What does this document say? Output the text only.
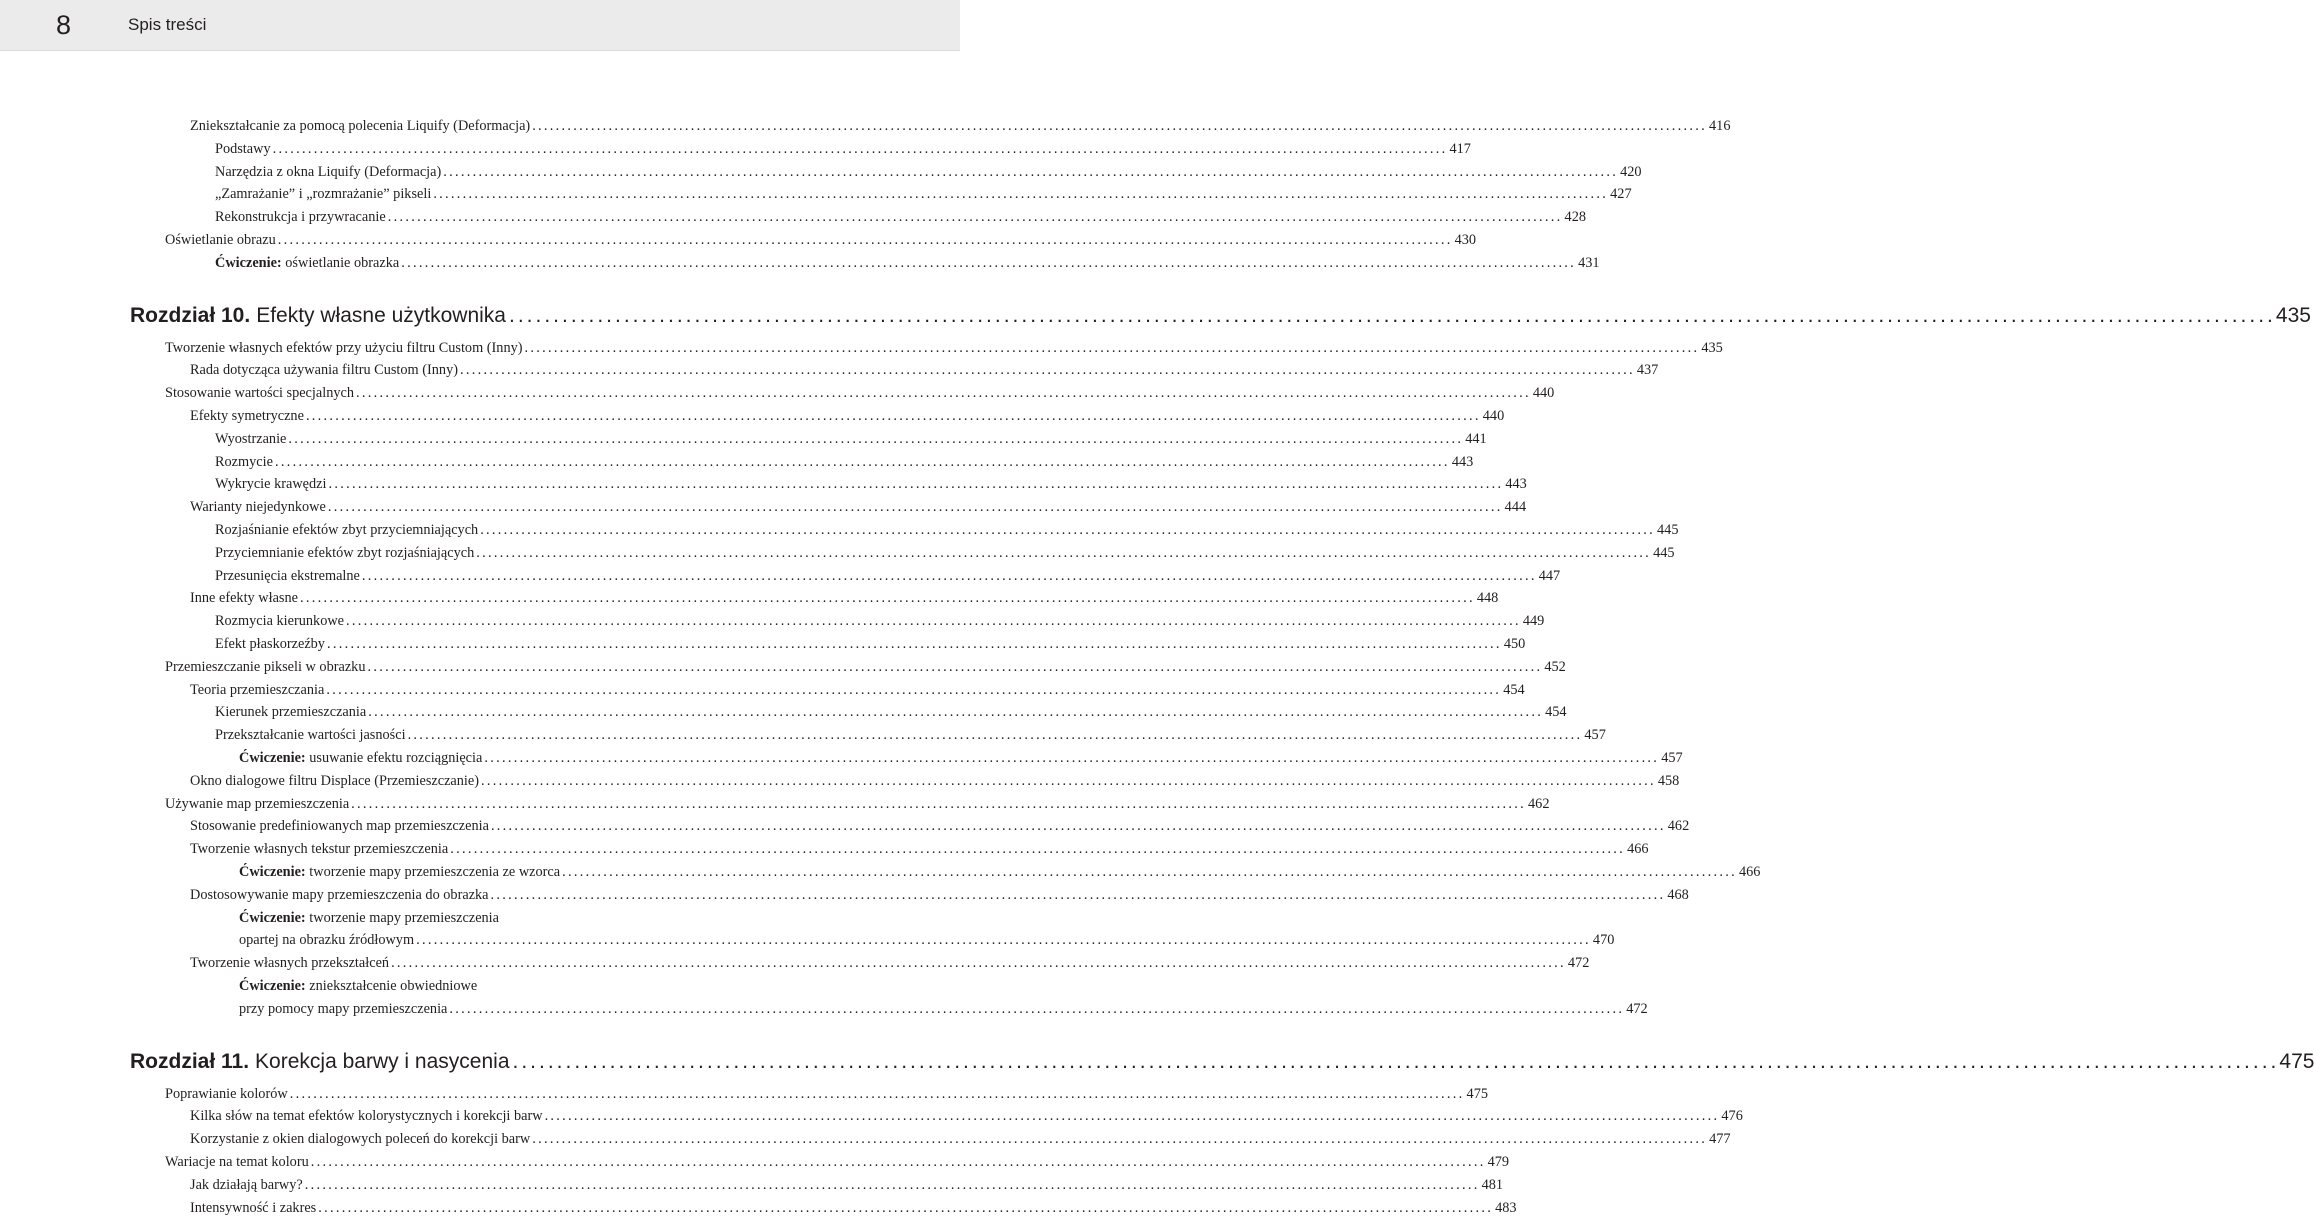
8	Spis treści
Zniekształcanie za pomocą polecenia Liquify (Deformacja) ........................................................................................................................................................................................................ 416
Podstawy ........................................................................................................................................................................................................ 417
Narzędzia z okna Liquify (Deformacja) ........................................................................................................................................................................................................ 420
„Zamrażanie” i „rozmrażanie” pikseli ........................................................................................................................................................................................................ 427
Rekonstrukcja i przywracanie ........................................................................................................................................................................................................ 428
Oświetlanie obrazu ........................................................................................................................................................................................................ 430
Ćwiczenie: oświetlanie obrazka ........................................................................................................................................................................................................ 431
Rozdział 10. Efekty własne użytkownika ........................................................................................................................................................................................................ 435
Tworzenie własnych efektów przy użyciu filtru Custom (Inny) ........................................................................................................................................................................................................ 435
Rada dotycząca używania filtru Custom (Inny) ........................................................................................................................................................................................................ 437
Stosowanie wartości specjalnych ........................................................................................................................................................................................................ 440
Efekty symetryczne ........................................................................................................................................................................................................ 440
Wyostrzanie ........................................................................................................................................................................................................ 441
Rozmycie ........................................................................................................................................................................................................ 443
Wykrycie krawędzi ........................................................................................................................................................................................................ 443
Warianty niejedynkowe ........................................................................................................................................................................................................ 444
Rozjaśnianie efektów zbyt przyciemniających ........................................................................................................................................................................................................ 445
Przyciemnianie efektów zbyt rozjaśniających ........................................................................................................................................................................................................ 445
Przesunięcia ekstremalne ........................................................................................................................................................................................................ 447
Inne efekty własne ........................................................................................................................................................................................................ 448
Rozmycia kierunkowe ........................................................................................................................................................................................................ 449
Efekt płaskorzeźby ........................................................................................................................................................................................................ 450
Przemieszczanie pikseli w obrazku ........................................................................................................................................................................................................ 452
Teoria przemieszczania ........................................................................................................................................................................................................ 454
Kierunek przemieszczania ........................................................................................................................................................................................................ 454
Przekształcanie wartości jasności ........................................................................................................................................................................................................ 457
Ćwiczenie: usuwanie efektu rozciągnięcia ........................................................................................................................................................................................................ 457
Okno dialogowe filtru Displace (Przemieszczanie) ........................................................................................................................................................................................................ 458
Używanie map przemieszczenia ........................................................................................................................................................................................................ 462
Stosowanie predefiniowanych map przemieszczenia ........................................................................................................................................................................................................ 462
Tworzenie własnych tekstur przemieszczenia ........................................................................................................................................................................................................ 466
Ćwiczenie: tworzenie mapy przemieszczenia ze wzorca ........................................................................................................................................................................................................ 466
Dostosowywanie mapy przemieszczenia do obrazka ........................................................................................................................................................................................................ 468
Ćwiczenie: tworzenie mapy przemieszczenia
opartej na obrazku źródłowym ........................................................................................................................................................................................................ 470
Tworzenie własnych przekształceń ........................................................................................................................................................................................................ 472
Ćwiczenie: zniekształcenie obwiedniowe
przy pomocy mapy przemieszczenia ........................................................................................................................................................................................................ 472
Rozdział 11. Korekcja barwy i nasycenia ........................................................................................................................................................................................................ 475
Poprawianie kolorów ........................................................................................................................................................................................................ 475
Kilka słów na temat efektów kolorystycznych i korekcji barw ........................................................................................................................................................................................................ 476
Korzystanie z okien dialogowych poleceń do korekcji barw ........................................................................................................................................................................................................ 477
Wariacje na temat koloru ........................................................................................................................................................................................................ 479
Jak działają barwy? ........................................................................................................................................................................................................ 481
Intensywność i zakres ........................................................................................................................................................................................................ 483
